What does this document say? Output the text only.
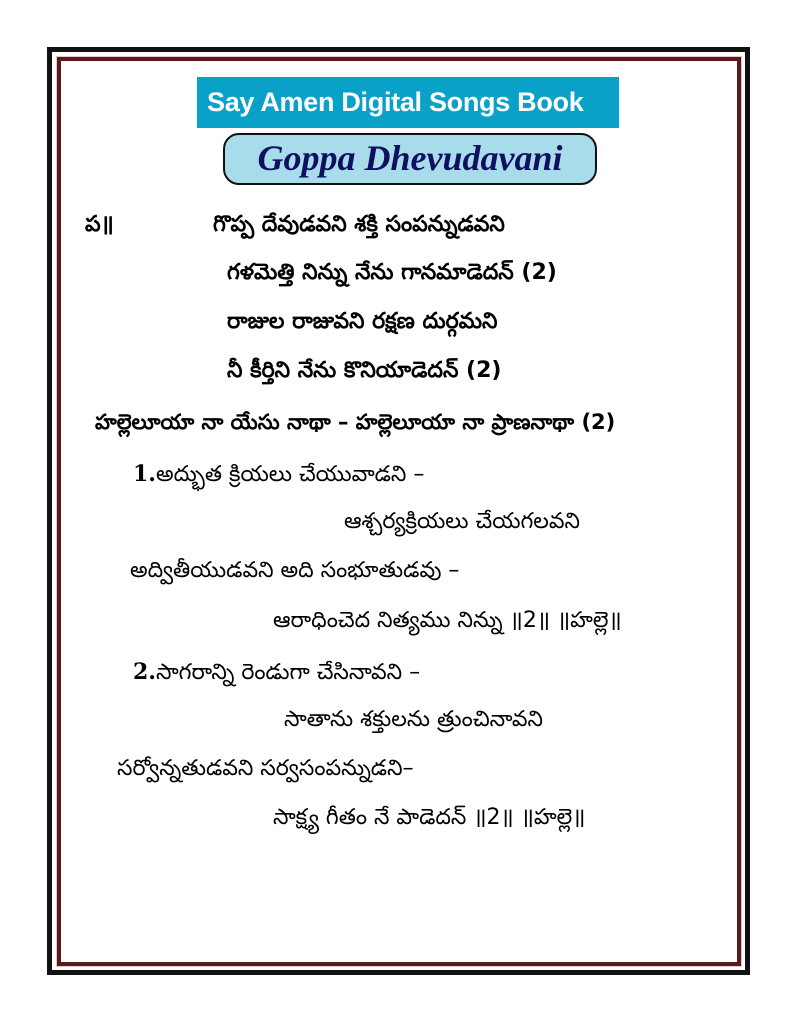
Say Amen Digital Songs Book
Goppa Dhevudavani
ప॥	గొప్ప దేవుడవని శక్తి సంపన్నుడవని
గళమెత్తి నిన్ను నేను గానమాడెదన్ (2)
రాజుల రాజువని రక్షణ దుర్గమని
నీ కీర్తిని నేను కొనియాడెదన్ (2)
హల్లెలూయా నా యేసు నాథా – హల్లెలూయా నా ప్రాణనాథా (2)
1.అద్భుత క్రియలు చేయువాడని –
ఆశ్చర్యక్రియలు చేయగలవని
అద్వితీయుడవని అది సంభూతుడవు –
ఆరాధించెద నిత్యము నిన్ను ॥2॥ ॥హల్లె॥
2.సాగరాన్ని రెండుగా చేసినావని –
సాతాను శక్తులను త్రుంచినావని
సర్వోన్నతుడవని సర్వసంపన్నుడని–
సాక్ష్య గీతం నే పాడెదన్ ॥2॥ ॥హల్లె॥
